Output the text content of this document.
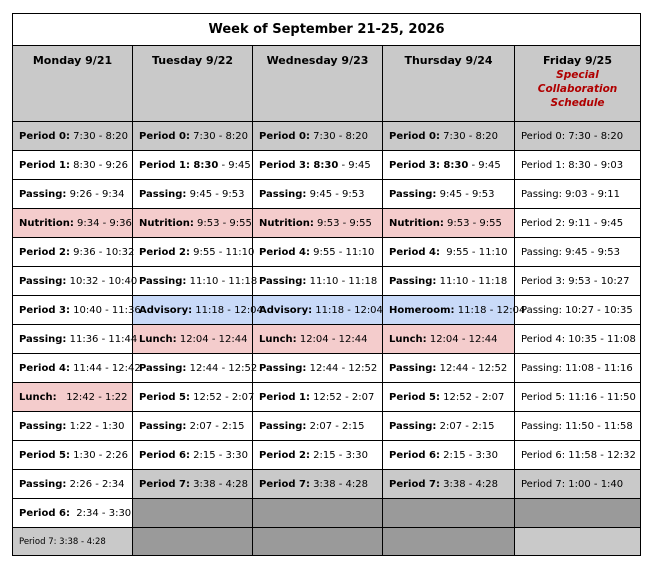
Week of September 21-25, 2026				

Monday 9/21	Tuesday 9/22	Wednesday 9/23	Thursday 9/24	Friday 9/25
Special Collaboration Schedule

Period 0: 7:30 - 8:20	Period 0: 7:30 - 8:20	Period 0: 7:30 - 8:20	Period 0: 7:30 - 8:20	Period 0: 7:30 - 8:20
Period 1: 8:30 - 9:26	Period 1: 8:30 - 9:45	Period 3: 8:30 - 9:45	Period 3: 8:30 - 9:45	Period 1: 8:30 - 9:03
Passing: 9:26 - 9:34	Passing: 9:45 - 9:53	Passing: 9:45 - 9:53	Passing: 9:45 - 9:53	Passing: 9:03 - 9:11
Nutrition: 9:34 - 9:36	Nutrition: 9:53 - 9:55	Nutrition: 9:53 - 9:55	Nutrition: 9:53 - 9:55	Period 2: 9:11 - 9:45
Period 2: 9:36 - 10:32	Period 2: 9:55 - 11:10	Period 4: 9:55 - 11:10	Period 4:  9:55 - 11:10	Passing: 9:45 - 9:53
Passing: 10:32 - 10:40	Passing: 11:10 - 11:18	Passing: 11:10 - 11:18	Passing: 11:10 - 11:18	Period 3: 9:53 - 10:27
Period 3: 10:40 - 11:36	Advisory: 11:18 - 12:04	Advisory: 11:18 - 12:04	Homeroom: 11:18 - 12:04	Passing: 10:27 - 10:35
Passing: 11:36 - 11:44	Lunch: 12:04 - 12:44	Lunch: 12:04 - 12:44	Lunch: 12:04 - 12:44	Period 4: 10:35 - 11:08
Period 4: 11:44 - 12:42	Passing: 12:44 - 12:52	Passing: 12:44 - 12:52	Passing: 12:44 - 12:52	Passing: 11:08 - 11:16
Lunch:   12:42 - 1:22	Period 5: 12:52 - 2:07	Period 1: 12:52 - 2:07	Period 5: 12:52 - 2:07	Period 5: 11:16 - 11:50
Passing: 1:22 - 1:30	Passing: 2:07 - 2:15	Passing: 2:07 - 2:15	Passing: 2:07 - 2:15	Passing: 11:50 - 11:58
Period 5: 1:30 - 2:26	Period 6: 2:15 - 3:30	Period 2: 2:15 - 3:30	Period 6: 2:15 - 3:30	Period 6: 11:58 - 12:32
Passing: 2:26 - 2:34	Period 7: 3:38 - 4:28	Period 7: 3:38 - 4:28	Period 7: 3:38 - 4:28	Period 7: 1:00 - 1:40
Period 6:  2:34 - 3:30				
Period 7: 3:38 - 4:28				
